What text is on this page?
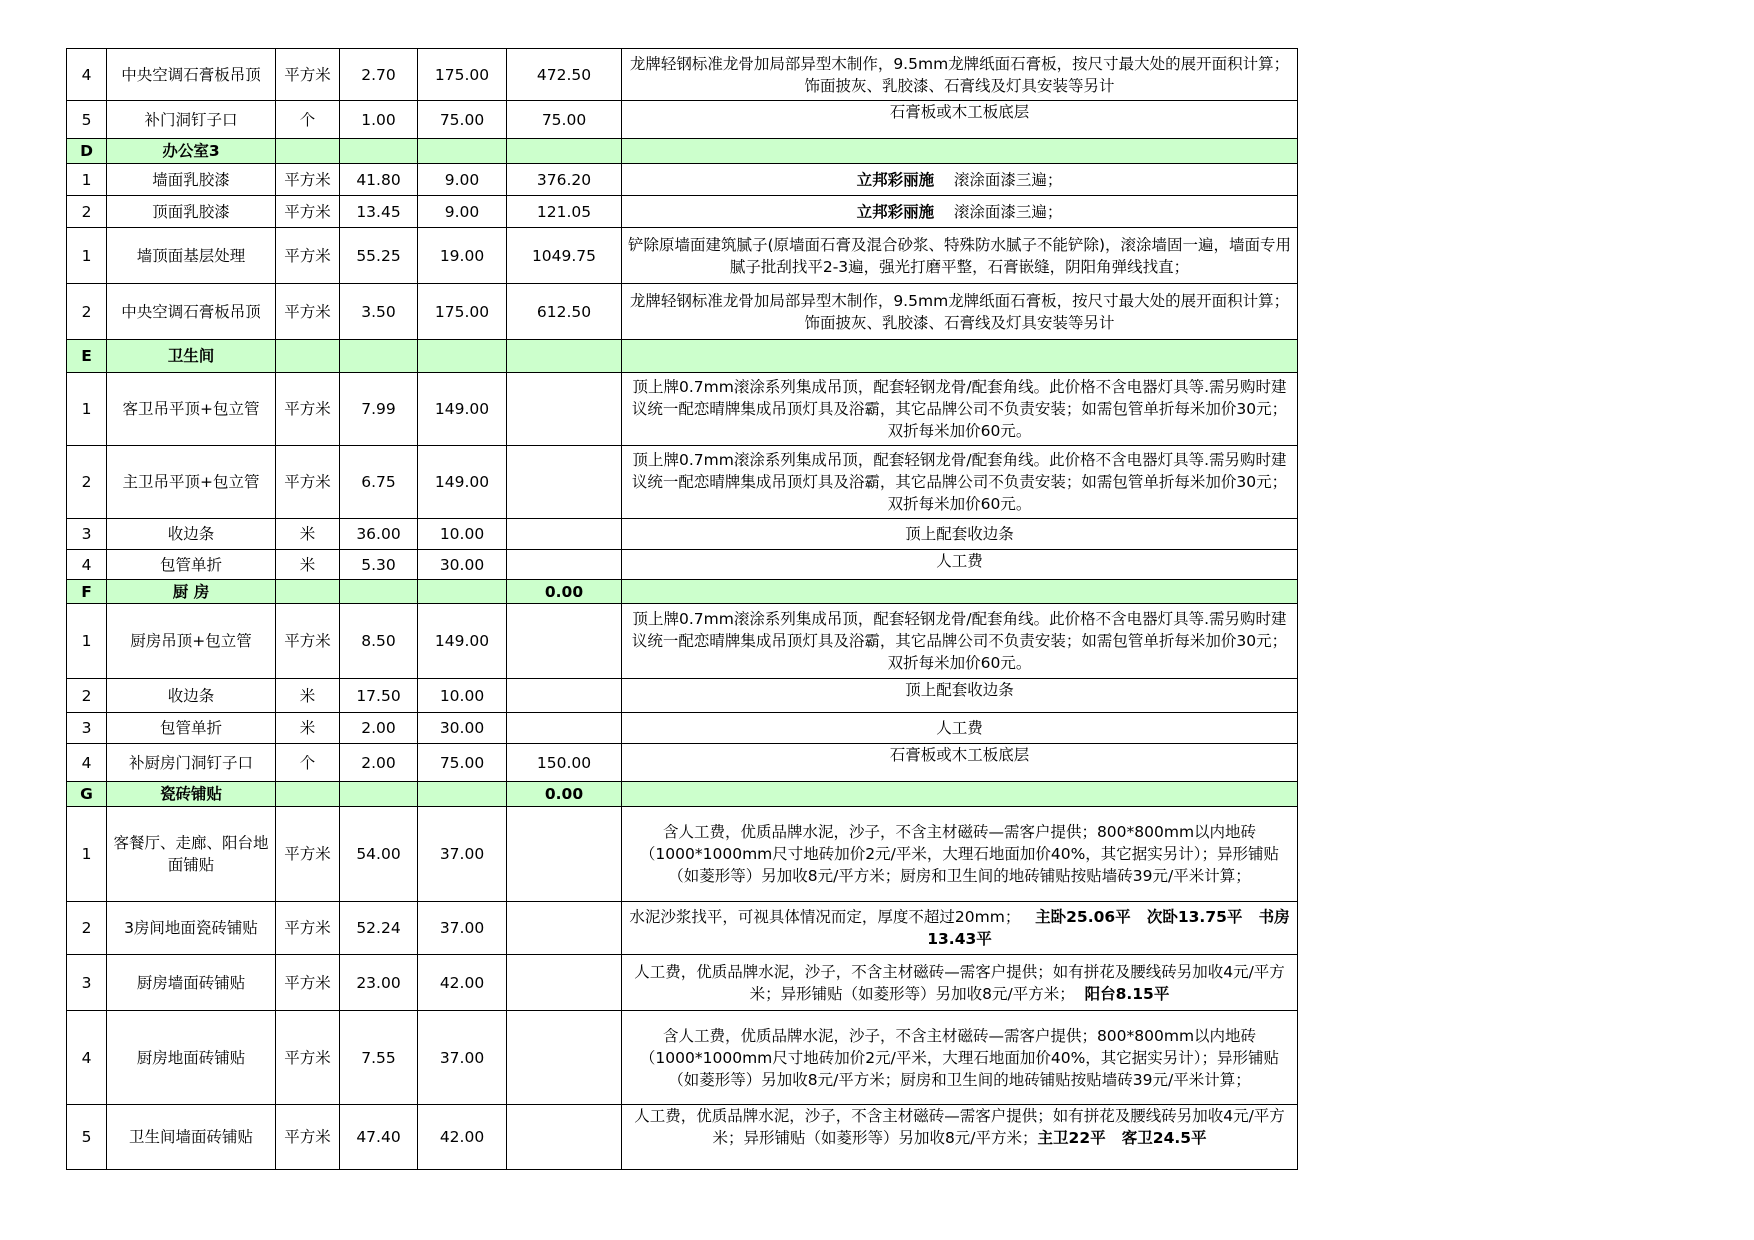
4	中央空调石膏板吊顶	平方米	2.70	175.00	472.50	龙牌轻钢标准龙骨加局部异型木制作，9.5mm龙牌纸面石膏板，按尺寸最大处的展开面积计算；饰面披灰、乳胶漆、石膏线及灯具安装等另计
5	补门洞钉子口	个	1.00	75.00	75.00	石膏板或木工板底层
D	办公室3					
1	墙面乳胶漆	平方米	41.80	9.00	376.20	立邦彩丽施    滚涂面漆三遍；
2	顶面乳胶漆	平方米	13.45	9.00	121.05	立邦彩丽施    滚涂面漆三遍；
1	墙顶面基层处理	平方米	55.25	19.00	1049.75	铲除原墙面建筑腻子(原墙面石膏及混合砂浆、特殊防水腻子不能铲除)，滚涂墙固一遍，墙面专用腻子批刮找平2-3遍，强光打磨平整，石膏嵌缝，阴阳角弹线找直；
2	中央空调石膏板吊顶	平方米	3.50	175.00	612.50	龙牌轻钢标准龙骨加局部异型木制作，9.5mm龙牌纸面石膏板，按尺寸最大处的展开面积计算；饰面披灰、乳胶漆、石膏线及灯具安装等另计
E	卫生间					
1	客卫吊平顶+包立管	平方米	7.99	149.00		顶上牌0.7mm滚涂系列集成吊顶，配套轻钢龙骨/配套角线。此价格不含电器灯具等.需另购时建议统一配恋晴牌集成吊顶灯具及浴霸，其它品牌公司不负责安装；如需包管单折每米加价30元；双折每米加价60元。
2	主卫吊平顶+包立管	平方米	6.75	149.00		顶上牌0.7mm滚涂系列集成吊顶，配套轻钢龙骨/配套角线。此价格不含电器灯具等.需另购时建议统一配恋晴牌集成吊顶灯具及浴霸，其它品牌公司不负责安装；如需包管单折每米加价30元；双折每米加价60元。
3	收边条	米	36.00	10.00		顶上配套收边条
4	包管单折	米	5.30	30.00		人工费
F	厨 房				0.00	
1	厨房吊顶+包立管	平方米	8.50	149.00		顶上牌0.7mm滚涂系列集成吊顶，配套轻钢龙骨/配套角线。此价格不含电器灯具等.需另购时建议统一配恋晴牌集成吊顶灯具及浴霸，其它品牌公司不负责安装；如需包管单折每米加价30元；双折每米加价60元。
2	收边条	米	17.50	10.00		顶上配套收边条
3	包管单折	米	2.00	30.00		人工费
4	补厨房门洞钉子口	个	2.00	75.00	150.00	石膏板或木工板底层
G	瓷砖铺贴				0.00	
1	客餐厅、走廊、阳台地面铺贴	平方米	54.00	37.00		含人工费，优质品牌水泥，沙子，不含主材磁砖—需客户提供；800*800mm以内地砖（1000*1000mm尺寸地砖加价2元/平米，大理石地面加价40%，其它据实另计）；异形铺贴（如菱形等）另加收8元/平方米；厨房和卫生间的地砖铺贴按贴墙砖39元/平米计算；
2	3房间地面瓷砖铺贴	平方米	52.24	37.00		水泥沙浆找平，可视具体情况而定，厚度不超过20mm；   主卧25.06平   次卧13.75平   书房13.43平
3	厨房墙面砖铺贴	平方米	23.00	42.00		人工费，优质品牌水泥，沙子，不含主材磁砖—需客户提供；如有拼花及腰线砖另加收4元/平方米；异形铺贴（如菱形等）另加收8元/平方米；  阳台8.15平
4	厨房地面砖铺贴	平方米	7.55	37.00		含人工费，优质品牌水泥，沙子，不含主材磁砖—需客户提供；800*800mm以内地砖（1000*1000mm尺寸地砖加价2元/平米，大理石地面加价40%，其它据实另计）；异形铺贴（如菱形等）另加收8元/平方米；厨房和卫生间的地砖铺贴按贴墙砖39元/平米计算；
5	卫生间墙面砖铺贴	平方米	47.40	42.00		人工费，优质品牌水泥，沙子，不含主材磁砖—需客户提供；如有拼花及腰线砖另加收4元/平方米；异形铺贴（如菱形等）另加收8元/平方米；主卫22平   客卫24.5平
